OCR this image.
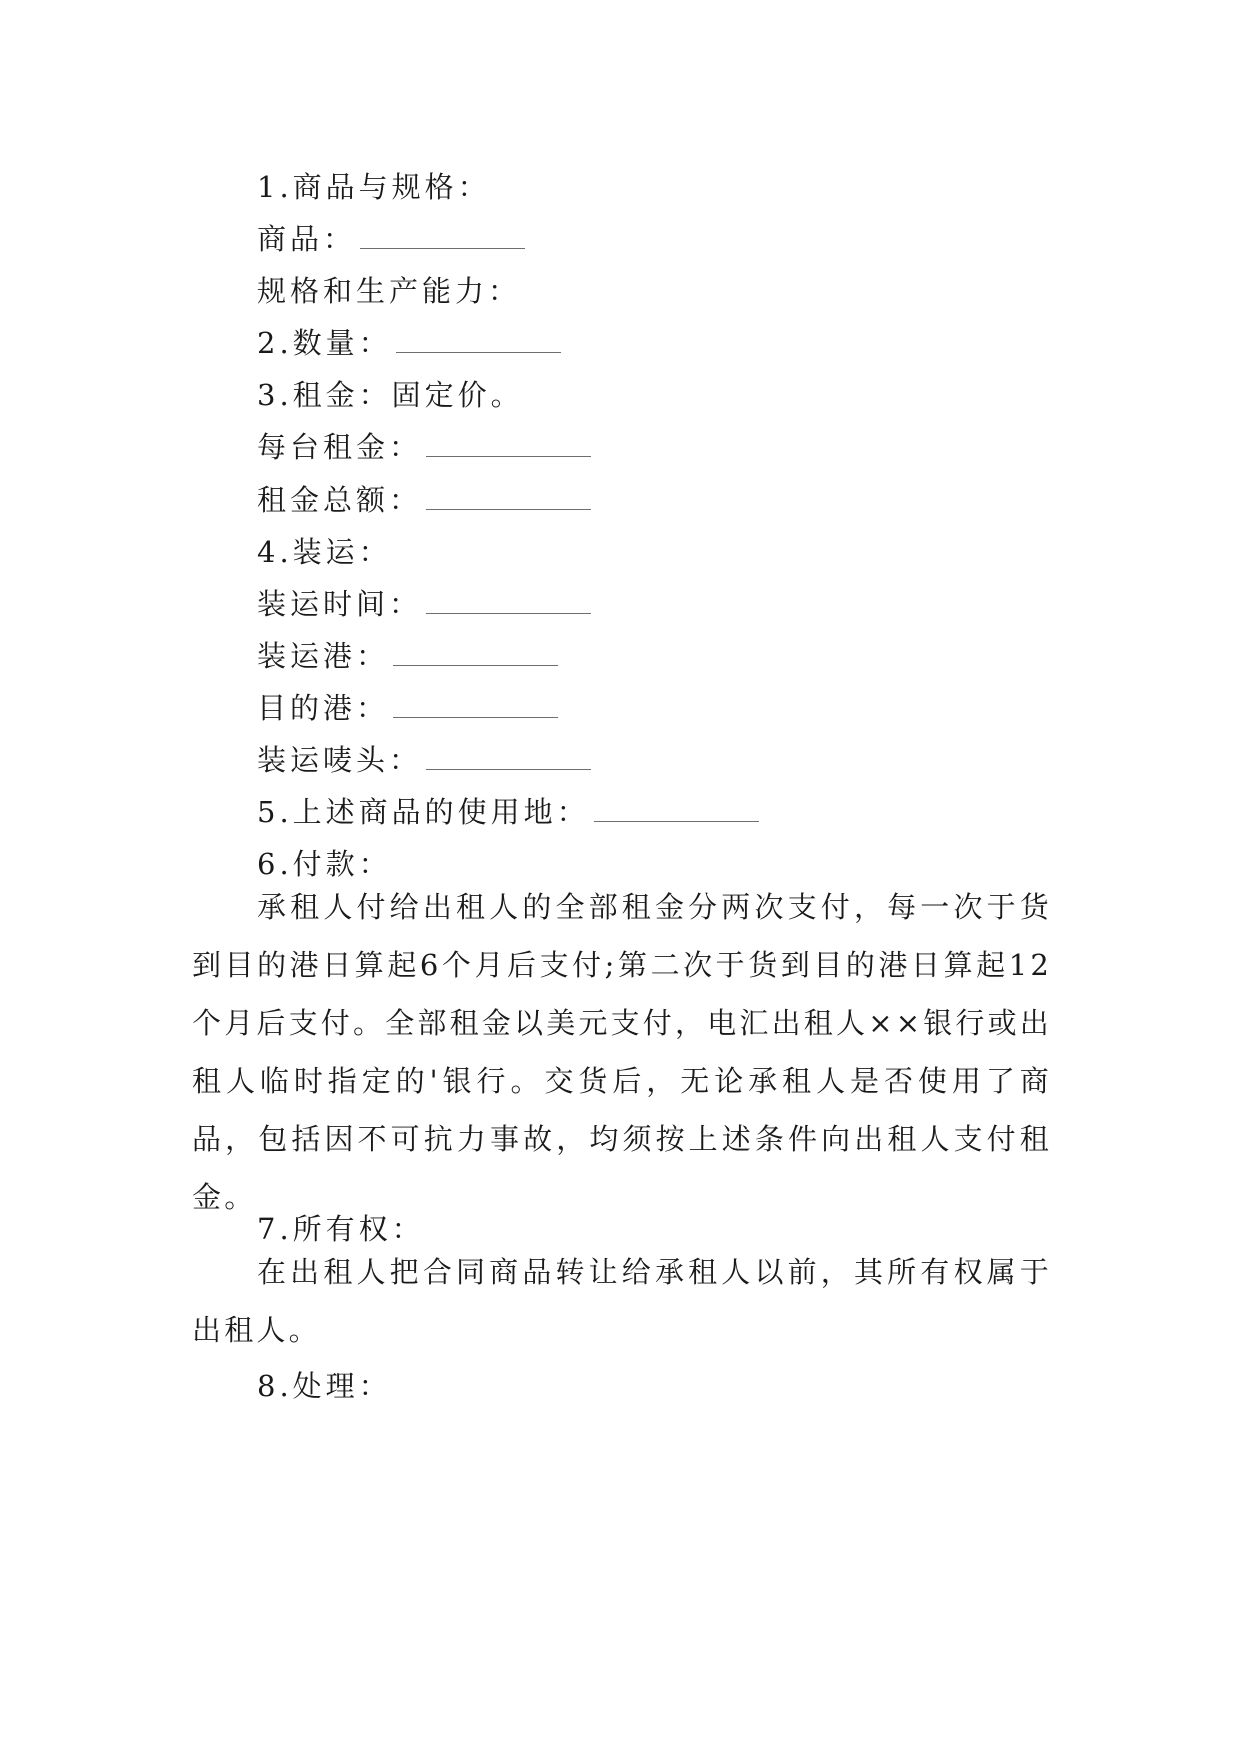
1.商品与规格：
商品：
规格和生产能力：
2.数量：
3.租金：固定价。
每台租金：
租金总额：
4.装运：
装运时间：
装运港：
目的港：
装运唛头：
5.上述商品的使用地：
6.付款：
承租人付给出租人的全部租金分两次支付，每一次于货到目的港日算起6个月后支付;第二次于货到目的港日算起12个月后支付。全部租金以美元支付，电汇出租人××银行或出租人临时指定的'银行。交货后，无论承租人是否使用了商品，包括因不可抗力事故，均须按上述条件向出租人支付租金。
7.所有权：
在出租人把合同商品转让给承租人以前，其所有权属于出租人。
8.处理：
